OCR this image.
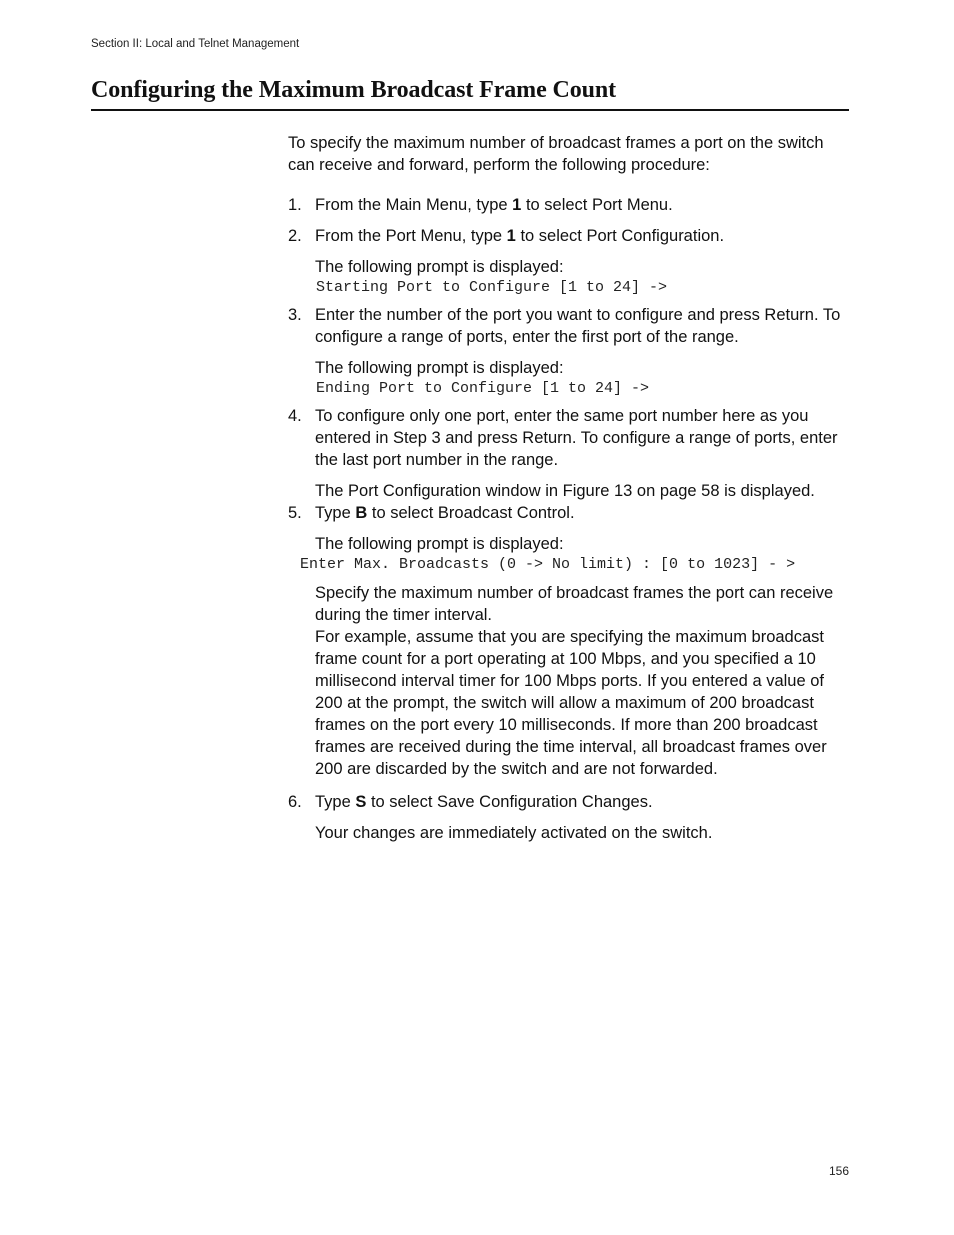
Section II: Local and Telnet Management
Configuring the Maximum Broadcast Frame Count

To specify the maximum number of broadcast frames a port on the switch can receive and forward, perform the following procedure:

1. From the Main Menu, type 1 to select Port Menu.
2. From the Port Menu, type 1 to select Port Configuration.

The following prompt is displayed:

Starting Port to Configure [1 to 24] ->
3. Enter the number of the port you want to configure and press Return. To configure a range of ports, enter the first port of the range.

The following prompt is displayed:

Ending Port to Configure [1 to 24] ->
4. To configure only one port, enter the same port number here as you entered in Step 3 and press Return. To configure a range of ports, enter the last port number in the range.

The Port Configuration window in Figure 13 on page 58 is displayed.

5. Type B to select Broadcast Control.

The following prompt is displayed:

Enter Max. Broadcasts (0 -> No limit) : [0 to 1023] - >

Specify the maximum number of broadcast frames the port can receive during the timer interval.

For example, assume that you are specifying the maximum broadcast frame count for a port operating at 100 Mbps, and you specified a 10 millisecond interval timer for 100 Mbps ports. If you entered a value of 200 at the prompt, the switch will allow a maximum of 200 broadcast frames on the port every 10 milliseconds. If more than 200 broadcast frames are received during the time interval, all broadcast frames over 200 are discarded by the switch and are not forwarded.

6. Type S to select Save Configuration Changes.

Your changes are immediately activated on the switch.

156
